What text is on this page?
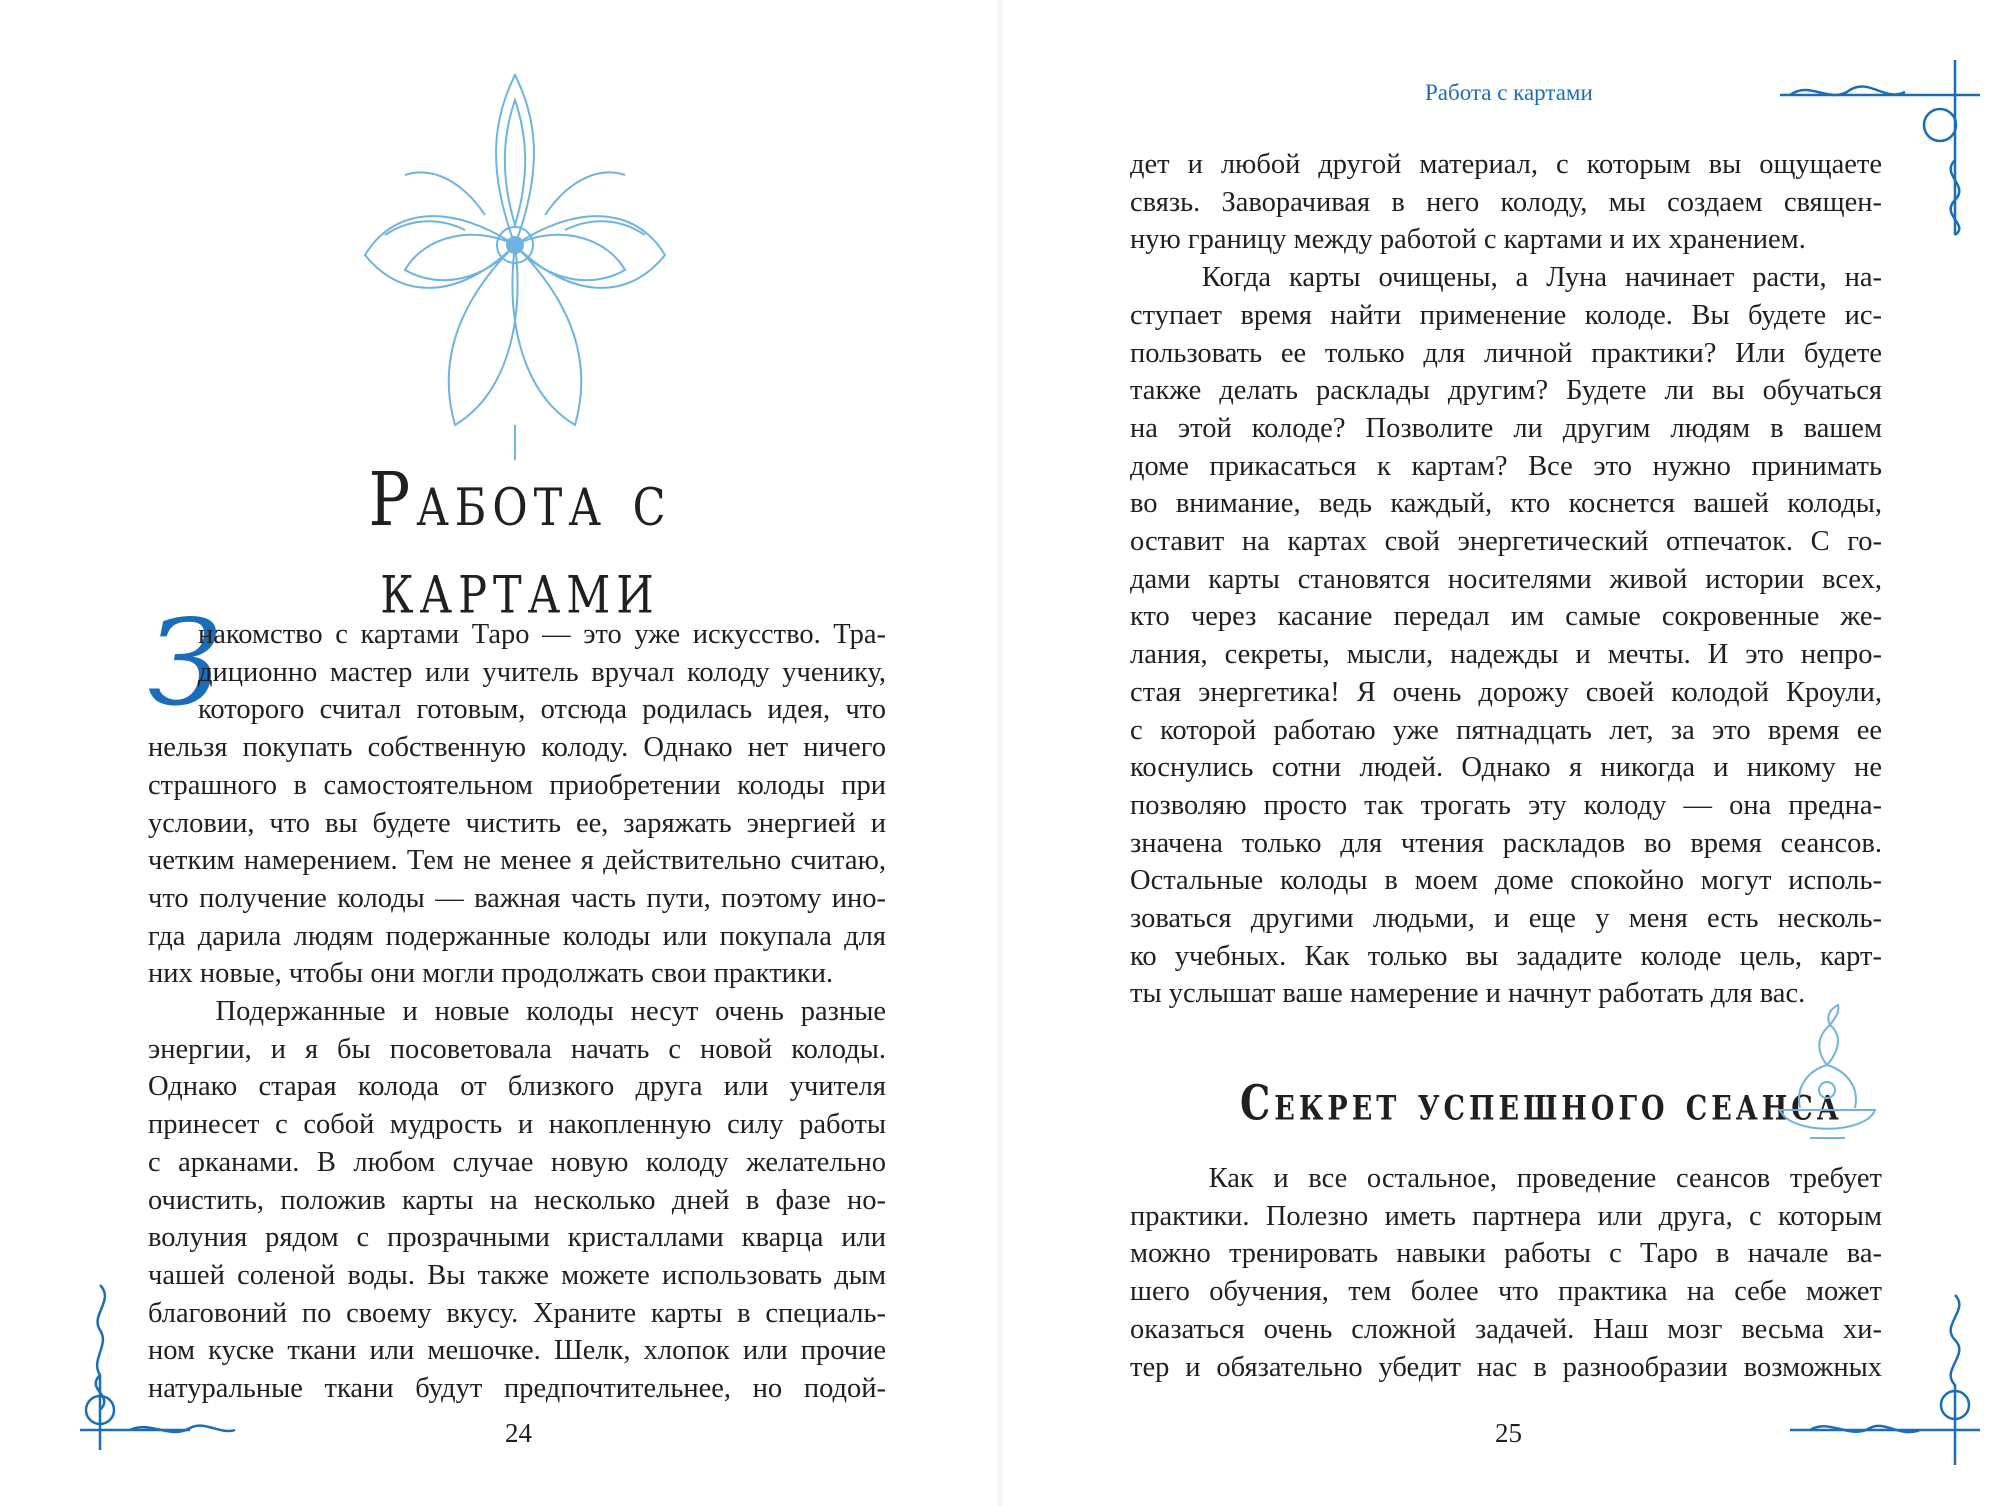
Работа с картами
З
накомство с картами Таро — это уже искусство. Тра-
диционно мастер или учитель вручал колоду ученику,
которого считал готовым, отсюда родилась идея, что
нельзя покупать собственную колоду. Однако нет ничего
страшного в самостоятельном приобретении колоды при
условии, что вы будете чистить ее, заряжать энергией и
четким намерением. Тем не менее я действительно считаю,
что получение колоды — важная часть пути, поэтому ино-
гда дарила людям подержанные колоды или покупала для
них новые, чтобы они могли продолжать свои практики.
Подержанные и новые колоды несут очень разные
энергии, и я бы посоветовала начать с новой колоды.
Однако старая колода от близкого друга или учителя
принесет с собой мудрость и накопленную силу работы
с арканами. В любом случае новую колоду желательно
очистить, положив карты на несколько дней в фазе но-
волуния рядом с прозрачными кристаллами кварца или
чашей соленой воды. Вы также можете использовать дым
благовоний по своему вкусу. Храните карты в специаль-
ном куске ткани или мешочке. Шелк, хлопок или прочие
натуральные ткани будут предпочтительнее, но подой-
24
Работа с картами
дет и любой другой материал, с которым вы ощущаете
связь. Заворачивая в него колоду, мы создаем священ-
ную границу между работой с картами и их хранением.
Когда карты очищены, а Луна начинает расти, на-
ступает время найти применение колоде. Вы будете ис-
пользовать ее только для личной практики? Или будете
также делать расклады другим? Будете ли вы обучаться
на этой колоде? Позволите ли другим людям в вашем
доме прикасаться к картам? Все это нужно принимать
во внимание, ведь каждый, кто коснется вашей колоды,
оставит на картах свой энергетический отпечаток. С го-
дами карты становятся носителями живой истории всех,
кто через касание передал им самые сокровенные же-
лания, секреты, мысли, надежды и мечты. И это непро-
стая энергетика! Я очень дорожу своей колодой Кроули,
с которой работаю уже пятнадцать лет, за это время ее
коснулись сотни людей. Однако я никогда и никому не
позволяю просто так трогать эту колоду — она предна-
значена только для чтения раскладов во время сеансов.
Остальные колоды в моем доме спокойно могут исполь-
зоваться другими людьми, и еще у меня есть несколь-
ко учебных. Как только вы зададите колоде цель, карт-
ты услышат ваше намерение и начнут работать для вас.
Секрет успешного сеанса
Как и все остальное, проведение сеансов требует
практики. Полезно иметь партнера или друга, с которым
можно тренировать навыки работы с Таро в начале ва-
шего обучения, тем более что практика на себе может
оказаться очень сложной задачей. Наш мозг весьма хи-
тер и обязательно убедит нас в разнообразии возможных
25
